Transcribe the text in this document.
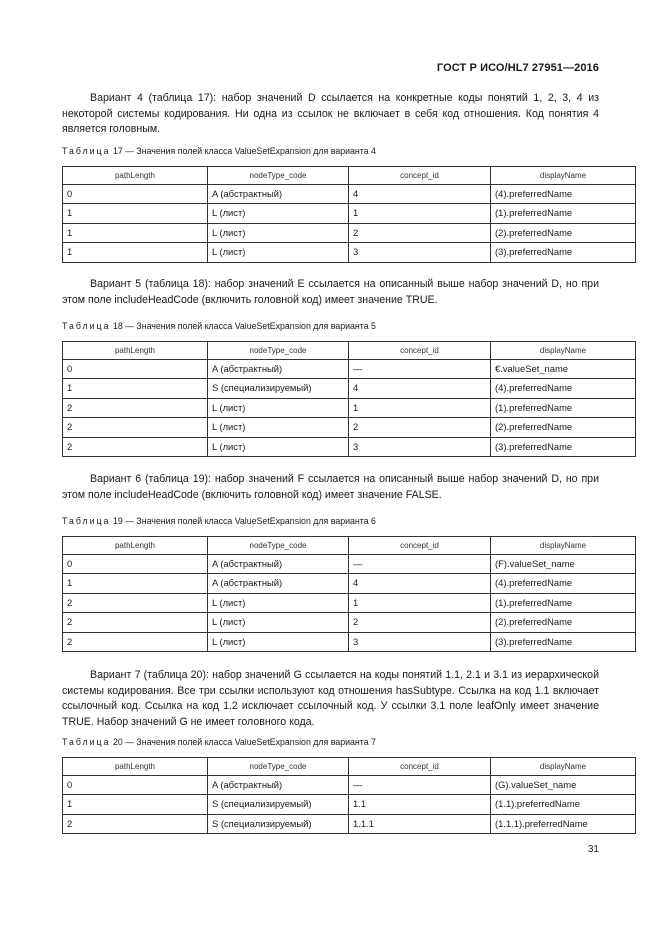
ГОСТ Р ИСО/HL7 27951—2016

Вариант 4 (таблица 17): набор значений D ссылается на конкретные коды понятий 1, 2, 3, 4 из некоторой системы кодирования. Ни одна из ссылок не включает в себя код отношения. Код понятия 4 является головным.

Таблица 17 — Значения полей класса ValueSetExpansion для варианта 4
pathLength	nodeType_code	concept_id	displayName
0	A (абстрактный)	4	(4).preferredName
1	L (лист)	1	(1).preferredName
1	L (лист)	2	(2).preferredName
1	L (лист)	3	(3).preferredName

Вариант 5 (таблица 18): набор значений E ссылается на описанный выше набор значений D, но при этом поле includeHeadCode (включить головной код) имеет значение TRUE.

Таблица 18 — Значения полей класса ValueSetExpansion для варианта 5
pathLength	nodeType_code	concept_id	displayName
0	A (абстрактный)	—	€.valueSet_name
1	S (специализируемый)	4	(4).preferredName
2	L (лист)	1	(1).preferredName
2	L (лист)	2	(2).preferredName
2	L (лист)	3	(3).preferredName

Вариант 6 (таблица 19): набор значений F ссылается на описанный выше набор значений D, но при этом поле includeHeadCode (включить головной код) имеет значение FALSE.

Таблица 19 — Значения полей класса ValueSetExpansion для варианта 6
pathLength	nodeType_code	concept_id	displayName
0	A (абстрактный)	—	(F).valueSet_name
1	A (абстрактный)	4	(4).preferredName
2	L (лист)	1	(1).preferredName
2	L (лист)	2	(2).preferredName
2	L (лист)	3	(3).preferredName

Вариант 7 (таблица 20): набор значений G ссылается на коды понятий 1.1, 2.1 и 3.1 из иерархической системы кодирования. Все три ссылки используют код отношения hasSubtype. Ссылка на код 1.1 включает ссылочный код. Ссылка на код 1.2 исключает ссылочный код. У ссылки 3.1 поле leafOnly имеет значение TRUE. Набор значений G не имеет головного кода.

Таблица 20 — Значения полей класса ValueSetExpansion для варианта 7
pathLength	nodeType_code	concept_id	displayName
0	A (абстрактный)	—	(G).valueSet_name
1	S (специализируемый)	1.1	(1.1).preferredName
2	S (специализируемый)	1.1.1	(1.1.1).preferredName
31
